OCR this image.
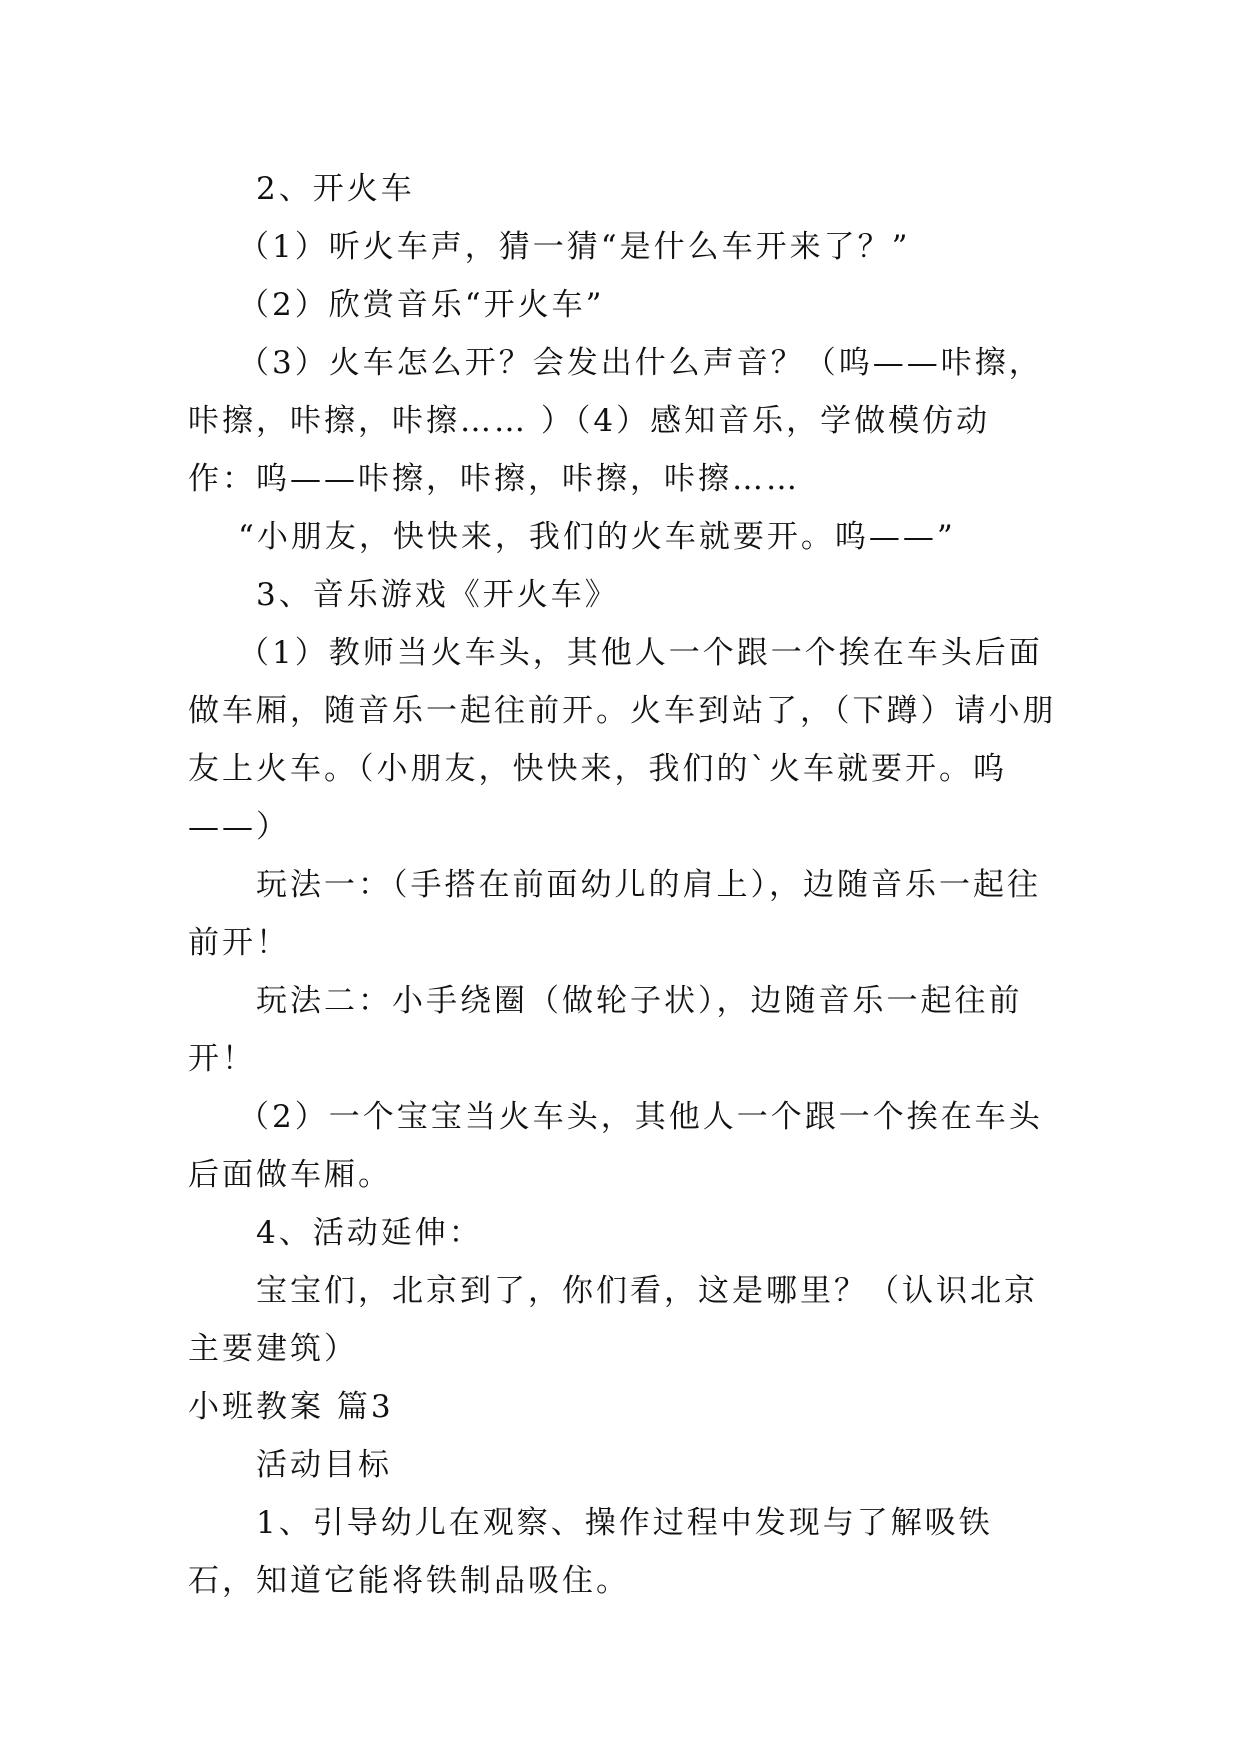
2、开火车

（1）听火车声，猜一猜“是什么车开来了？”

（2）欣赏音乐“开火车”

（3）火车怎么开？会发出什么声音？（呜——咔擦，咔擦，咔擦，咔擦…… ）（4）感知音乐，学做模仿动作：呜——咔擦，咔擦，咔擦，咔擦……

“小朋友，快快来，我们的火车就要开。呜——”

3、音乐游戏《开火车》

（1）教师当火车头，其他人一个跟一个挨在车头后面做车厢，随音乐一起往前开。火车到站了，（下蹲）请小朋友上火车。（小朋友，快快来，我们的`火车就要开。呜——）

玩法一：（手搭在前面幼儿的肩上），边随音乐一起往前开！

玩法二：小手绕圈（做轮子状），边随音乐一起往前开！

（2）一个宝宝当火车头，其他人一个跟一个挨在车头后面做车厢。

4、活动延伸：

宝宝们，北京到了，你们看，这是哪里？（认识北京主要建筑）

小班教案 篇3

活动目标

1、引导幼儿在观察、操作过程中发现与了解吸铁石，知道它能将铁制品吸住。
